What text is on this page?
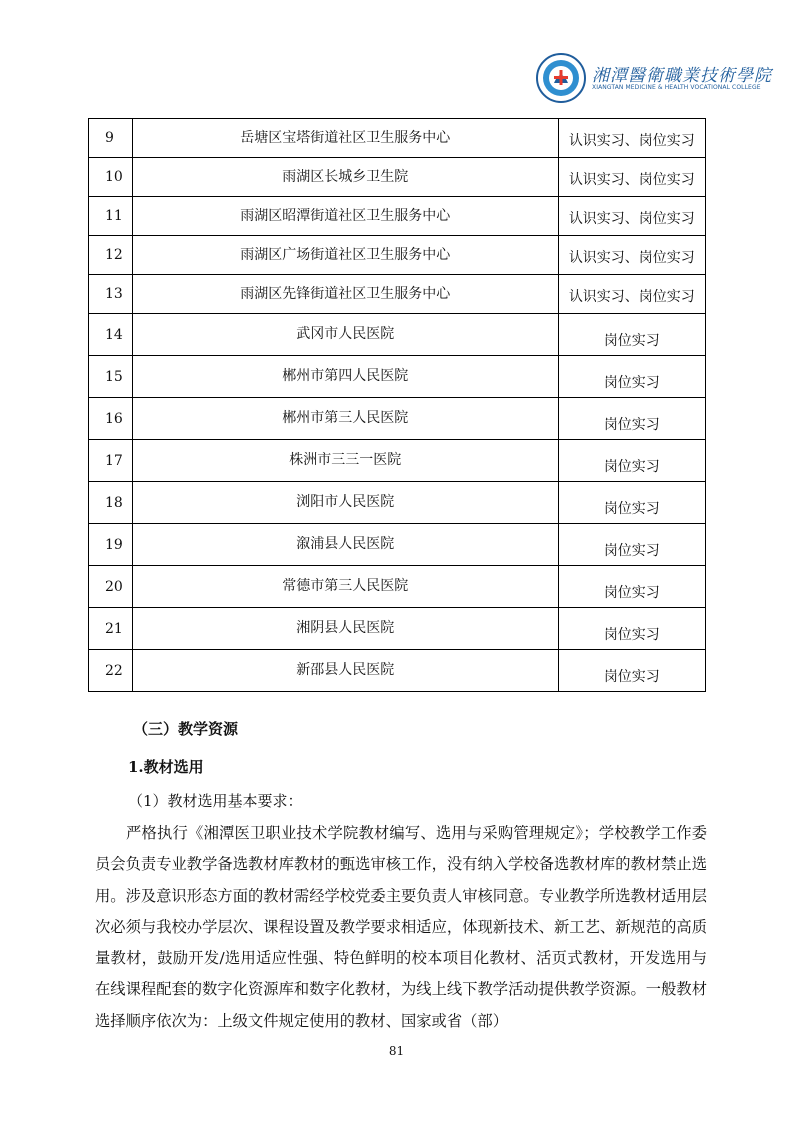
湘潭醫衛職業技術學院
XIANGTAN MEDICINE & HEALTH VOCATIONAL COLLEGE
9	岳塘区宝塔街道社区卫生服务中心	认识实习、岗位实习
10	雨湖区长城乡卫生院	认识实习、岗位实习
11	雨湖区昭潭街道社区卫生服务中心	认识实习、岗位实习
12	雨湖区广场街道社区卫生服务中心	认识实习、岗位实习
13	雨湖区先锋街道社区卫生服务中心	认识实习、岗位实习
14	武冈市人民医院	岗位实习
15	郴州市第四人民医院	岗位实习
16	郴州市第三人民医院	岗位实习
17	株洲市三三一医院	岗位实习
18	浏阳市人民医院	岗位实习
19	溆浦县人民医院	岗位实习
20	常德市第三人民医院	岗位实习
21	湘阴县人民医院	岗位实习
22	新邵县人民医院	岗位实习
（三）教学资源
1.教材选用
（1）教材选用基本要求：

严格执行《湘潭医卫职业技术学院教材编写、选用与采购管理规定》；学校教学工作委员会负责专业教学备选教材库教材的甄选审核工作，没有纳入学校备选教材库的教材禁止选用。涉及意识形态方面的教材需经学校党委主要负责人审核同意。专业教学所选教材适用层次必须与我校办学层次、课程设置及教学要求相适应，体现新技术、新工艺、新规范的高质量教材，鼓励开发/选用适应性强、特色鲜明的校本项目化教材、活页式教材，开发选用与在线课程配套的数字化资源库和数字化教材，为线上线下教学活动提供教学资源。一般教材选择顺序依次为：上级文件规定使用的教材、国家或省（部）

81
